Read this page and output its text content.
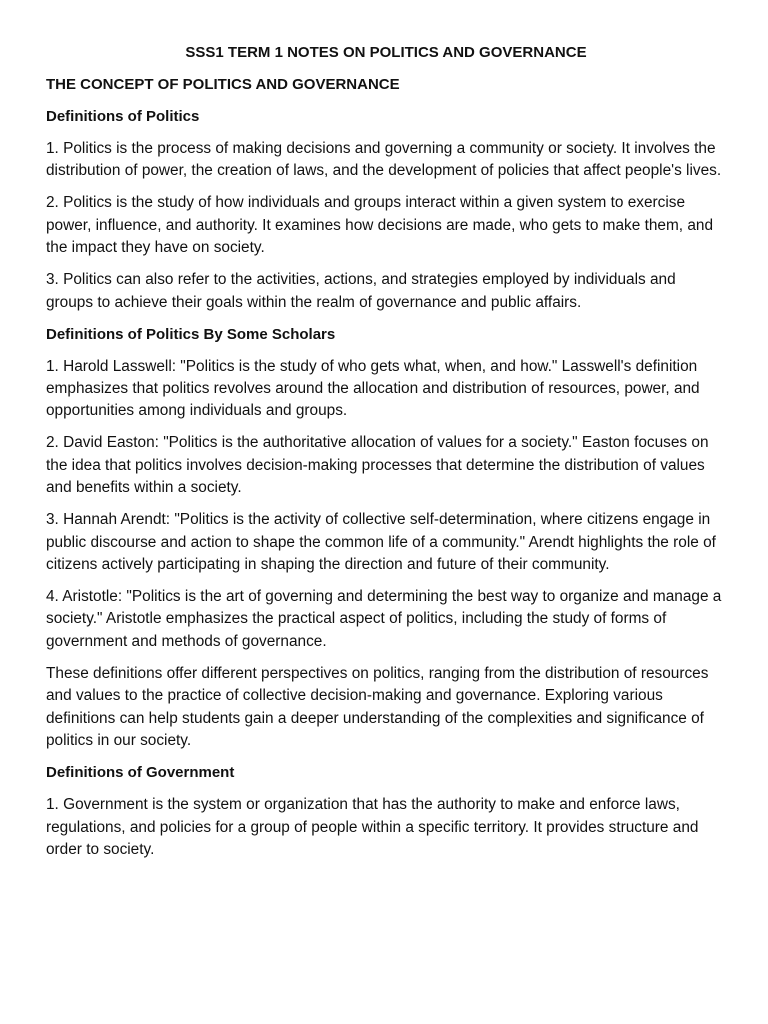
SSS1 TERM 1 NOTES ON POLITICS AND GOVERNANCE
THE CONCEPT OF POLITICS AND GOVERNANCE
Definitions of Politics

1. Politics is the process of making decisions and governing a community or society. It involves the distribution of power, the creation of laws, and the development of policies that affect people's lives.

2. Politics is the study of how individuals and groups interact within a given system to exercise power, influence, and authority. It examines how decisions are made, who gets to make them, and the impact they have on society.

3. Politics can also refer to the activities, actions, and strategies employed by individuals and groups to achieve their goals within the realm of governance and public affairs.

Definitions of Politics By Some Scholars

1. Harold Lasswell: "Politics is the study of who gets what, when, and how." Lasswell's definition emphasizes that politics revolves around the allocation and distribution of resources, power, and opportunities among individuals and groups.

2. David Easton: "Politics is the authoritative allocation of values for a society." Easton focuses on the idea that politics involves decision-making processes that determine the distribution of values and benefits within a society.

3. Hannah Arendt: "Politics is the activity of collective self-determination, where citizens engage in public discourse and action to shape the common life of a community." Arendt highlights the role of citizens actively participating in shaping the direction and future of their community.

4. Aristotle: "Politics is the art of governing and determining the best way to organize and manage a society." Aristotle emphasizes the practical aspect of politics, including the study of forms of government and methods of governance.

These definitions offer different perspectives on politics, ranging from the distribution of resources and values to the practice of collective decision-making and governance. Exploring various definitions can help students gain a deeper understanding of the complexities and significance of politics in our society.

Definitions of Government

1. Government is the system or organization that has the authority to make and enforce laws, regulations, and policies for a group of people within a specific territory. It provides structure and order to society.
